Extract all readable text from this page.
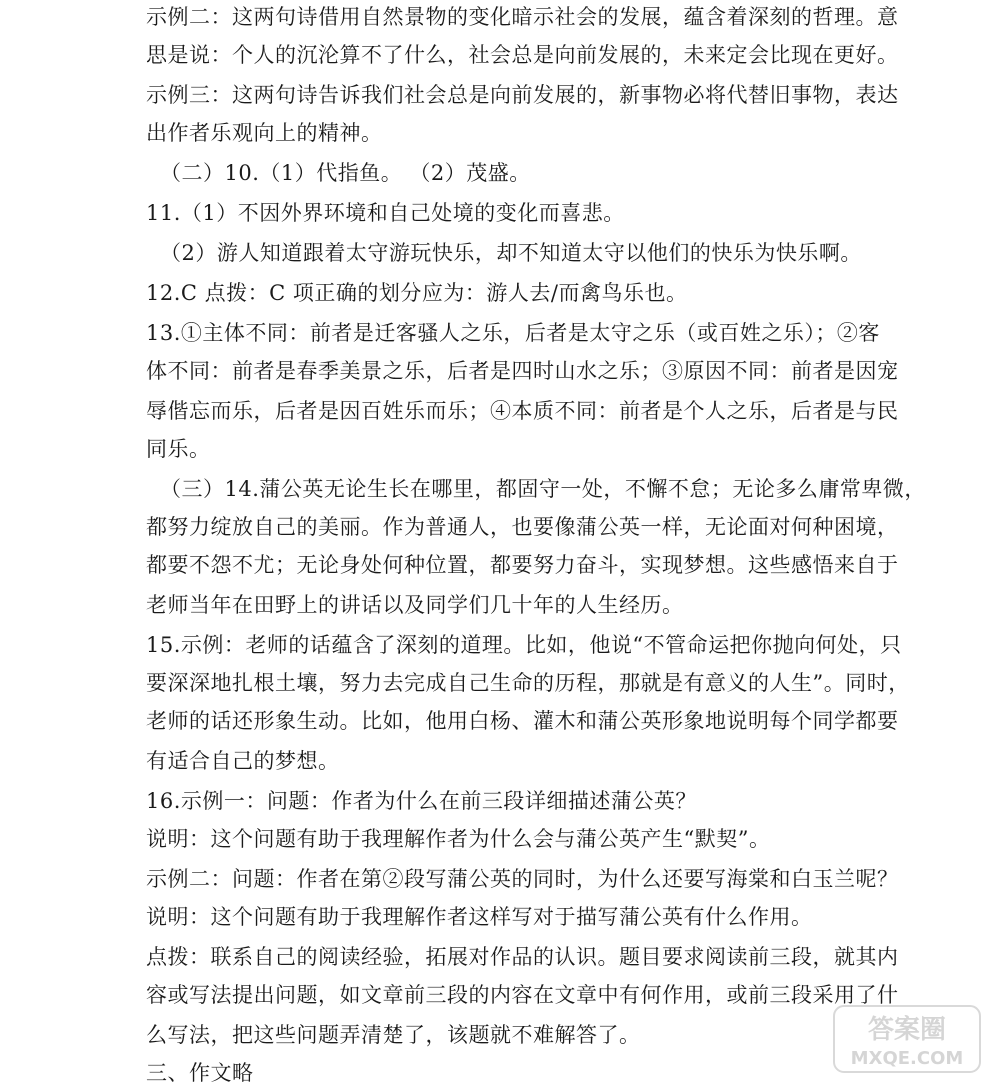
示例二：这两句诗借用自然景物的变化暗示社会的发展，蕴含着深刻的哲理。意
思是说：个人的沉沦算不了什么，社会总是向前发展的，未来定会比现在更好。
示例三：这两句诗告诉我们社会总是向前发展的，新事物必将代替旧事物，表达
出作者乐观向上的精神。
（二）10.（1）代指鱼。 （2）茂盛。
11.（1）不因外界环境和自己处境的变化而喜悲。
（2）游人知道跟着太守游玩快乐，却不知道太守以他们的快乐为快乐啊。
12.C 点拨：C 项正确的划分应为：游人去/而禽鸟乐也。
13.①主体不同：前者是迁客骚人之乐，后者是太守之乐（或百姓之乐）；②客
体不同：前者是春季美景之乐，后者是四时山水之乐；③原因不同：前者是因宠
辱偕忘而乐，后者是因百姓乐而乐；④本质不同：前者是个人之乐，后者是与民
同乐。
（三）14.蒲公英无论生长在哪里，都固守一处，不懈不怠；无论多么庸常卑微，
都努力绽放自己的美丽。作为普通人，也要像蒲公英一样，无论面对何种困境，
都要不怨不尤；无论身处何种位置，都要努力奋斗，实现梦想。这些感悟来自于
老师当年在田野上的讲话以及同学们几十年的人生经历。
15.示例：老师的话蕴含了深刻的道理。比如，他说“不管命运把你抛向何处，只
要深深地扎根土壤，努力去完成自己生命的历程，那就是有意义的人生”。同时，
老师的话还形象生动。比如，他用白杨、灌木和蒲公英形象地说明每个同学都要
有适合自己的梦想。
16.示例一：问题：作者为什么在前三段详细描述蒲公英？
说明：这个问题有助于我理解作者为什么会与蒲公英产生“默契”。
示例二：问题：作者在第②段写蒲公英的同时，为什么还要写海棠和白玉兰呢？
说明：这个问题有助于我理解作者这样写对于描写蒲公英有什么作用。
点拨：联系自己的阅读经验，拓展对作品的认识。题目要求阅读前三段，就其内
容或写法提出问题，如文章前三段的内容在文章中有何作用，或前三段采用了什
么写法，把这些问题弄清楚了，该题就不难解答了。
三、作文略
答案圈
MXQE.COM
